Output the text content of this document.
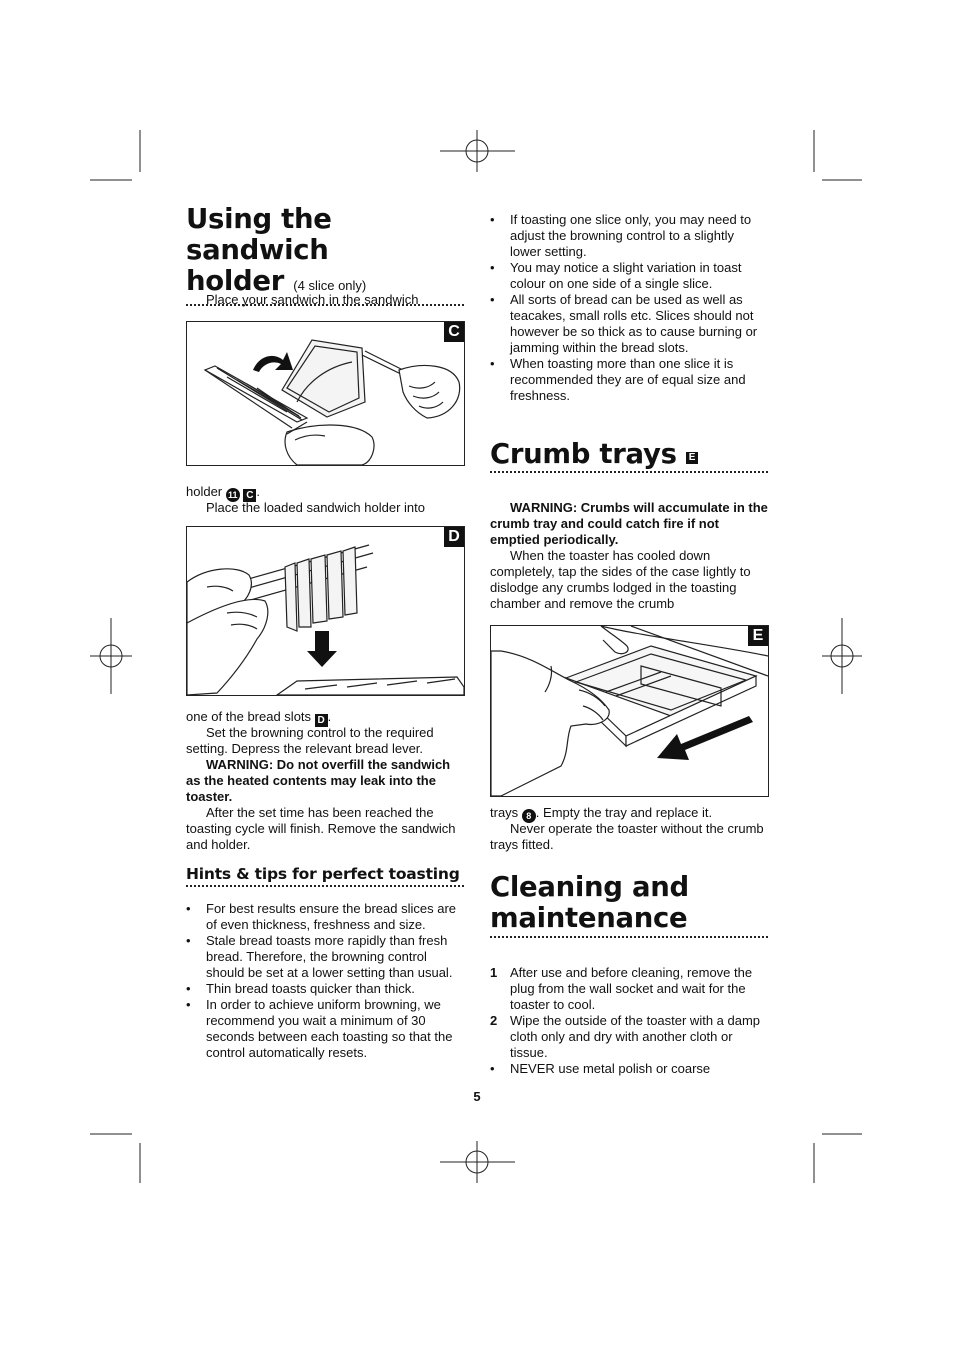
Using the sandwich
holder (4 slice only)

Place your sandwich in the sandwich

C

holder 11 C .

Place the loaded sandwich holder into

D

one of the bread slots D .

Set the browning control to the required setting. Depress the relevant bread lever.

WARNING: Do not overfill the sandwich as the heated contents may leak into the toaster.

After the set time has been reached the toasting cycle will finish. Remove the sandwich and holder.

Hints & tips for perfect toasting
• For best results ensure the bread slices are of even thickness, freshness and size.
• Stale bread toasts more rapidly than fresh bread. Therefore, the browning control should be set at a lower setting than usual.
• Thin bread toasts quicker than thick.
• In order to achieve uniform browning, we recommend you wait a minimum of 30 seconds between each toasting so that the control automatically resets.
• If toasting one slice only, you may need to adjust the browning control to a slightly lower setting.
• You may notice a slight variation in toast colour on one side of a single slice.
• All sorts of bread can be used as well as teacakes, small rolls etc. Slices should not however be so thick as to cause burning or jamming within the bread slots.
• When toasting more than one slice it is recommended they are of equal size and freshness.
Crumb trays E

WARNING: Crumbs will accumulate in the crumb tray and could catch fire if not emptied periodically.

When the toaster has cooled down completely, tap the sides of the case lightly to dislodge any crumbs lodged in the toasting chamber and remove the crumb

E

trays 8 . Empty the tray and replace it.

Never operate the toaster without the crumb trays fitted.

Cleaning and
maintenance
1 After use and before cleaning, remove the plug from the wall socket and wait for the toaster to cool.
2 Wipe the outside of the toaster with a damp cloth only and dry with another cloth or tissue.
• NEVER use metal polish or coarse
5
